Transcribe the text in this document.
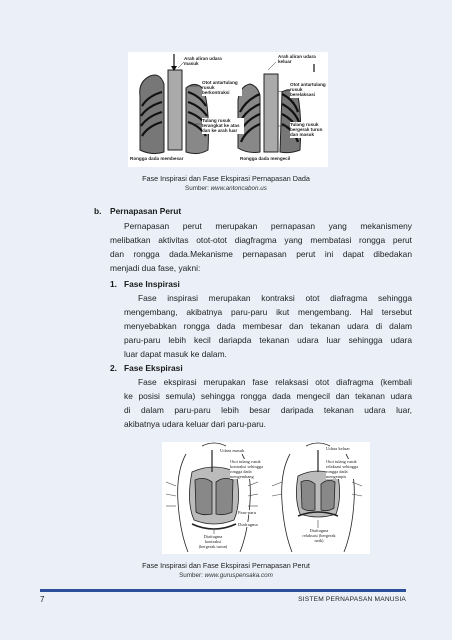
Arah aliran udara masuk
Otot antartulang rusuk berkontraksi
Tulang rusuk terangkat ke atas dan ke arah luar
Rongga dada membesar
Arah aliran udara keluar
Otot antartulang rusuk berelaksasi
Tulang rusuk bergerak turun dan masuk
Rongga dada mengecil
Fase Inspirasi dan Fase Ekspirasi Pernapasan Dada
Sumber: www.antoncabon.us
b. Pernapasan Perut
Pernapasan perut merupakan pernapasan yang mekanismeny
melibatkan aktivitas otot-otot diagfragma yang membatasi rongga perut
dan rongga dada.Mekanisme pernapasan perut ini dapat dibedakan
menjadi dua fase, yakni:
1. Fase Inspirasi
Fase inspirasi merupakan kontraksi otot diafragma sehingga
mengembang, akibatnya paru-paru ikut mengembang. Hal tersebut
menyebabkan rongga dada membesar dan tekanan udara di dalam
paru-paru lebih kecil dariapda tekanan udara luar sehingga udara
luar dapat masuk ke dalam.
2. Fase Ekspirasi
Fase ekspirasi merupakan fase relaksasi otot diafragma (kembali
ke posisi semula) sehingga rongga dada mengecil dan tekanan udara
di dalam paru-paru lebih besar daripada tekanan udara luar,
akibatnya udara keluar dari paru-paru.
Udara masuk
Otot tulang rusuk kontraksi sehingga rongga dada mengembang
Paru-paru
Diafragma
Diafragma kontraksi (bergerak turun)
Udara keluar
Otot tulang rusuk relaksasi sehingga rongga dada mengempis
Diafragma relaksasi (bergerak naik)
Fase Inspirasi dan Fase Ekspirasi Pernapasan Perut
Sumber: www.guruspensaka.com
7	SISTEM PERNAPASAN MANUSIA
